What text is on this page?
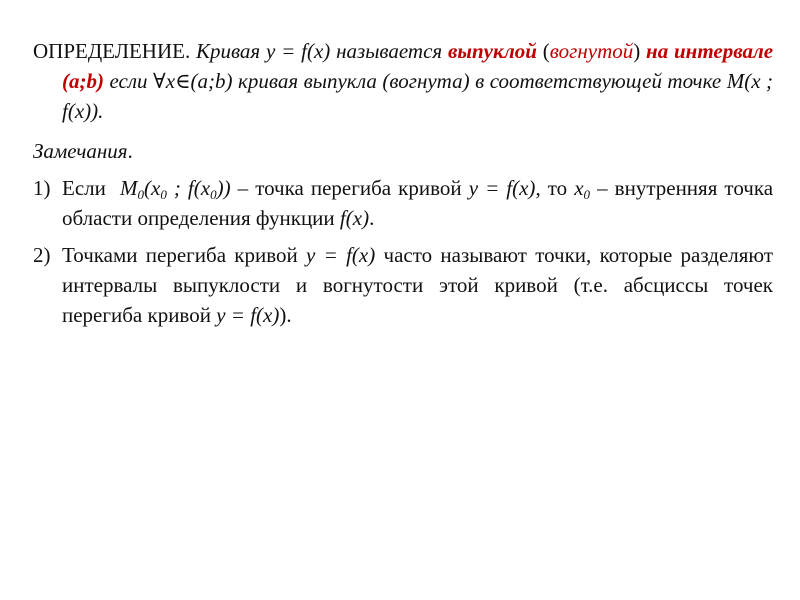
ОПРЕДЕЛЕНИЕ. Кривая y = f(x) называется выпуклой (вогнутой) на интервале (a;b) если ∀x∈(a;b) кривая выпукла (вогнута) в соответствующей точке M(x ; f(x)).

Замечания.

1) Если $M_0(x_0$ ; $f(x_0)$) – точка перегиба кривой y = f(x), то $x_0$ – внутренняя точка области определения функции f(x).
2) Точками перегиба кривой y = f(x) часто называют точки, которые разделяют интервалы выпуклости и вогнутости этой кривой (т.е. абсциссы точек перегиба кривой y = f(x)).
